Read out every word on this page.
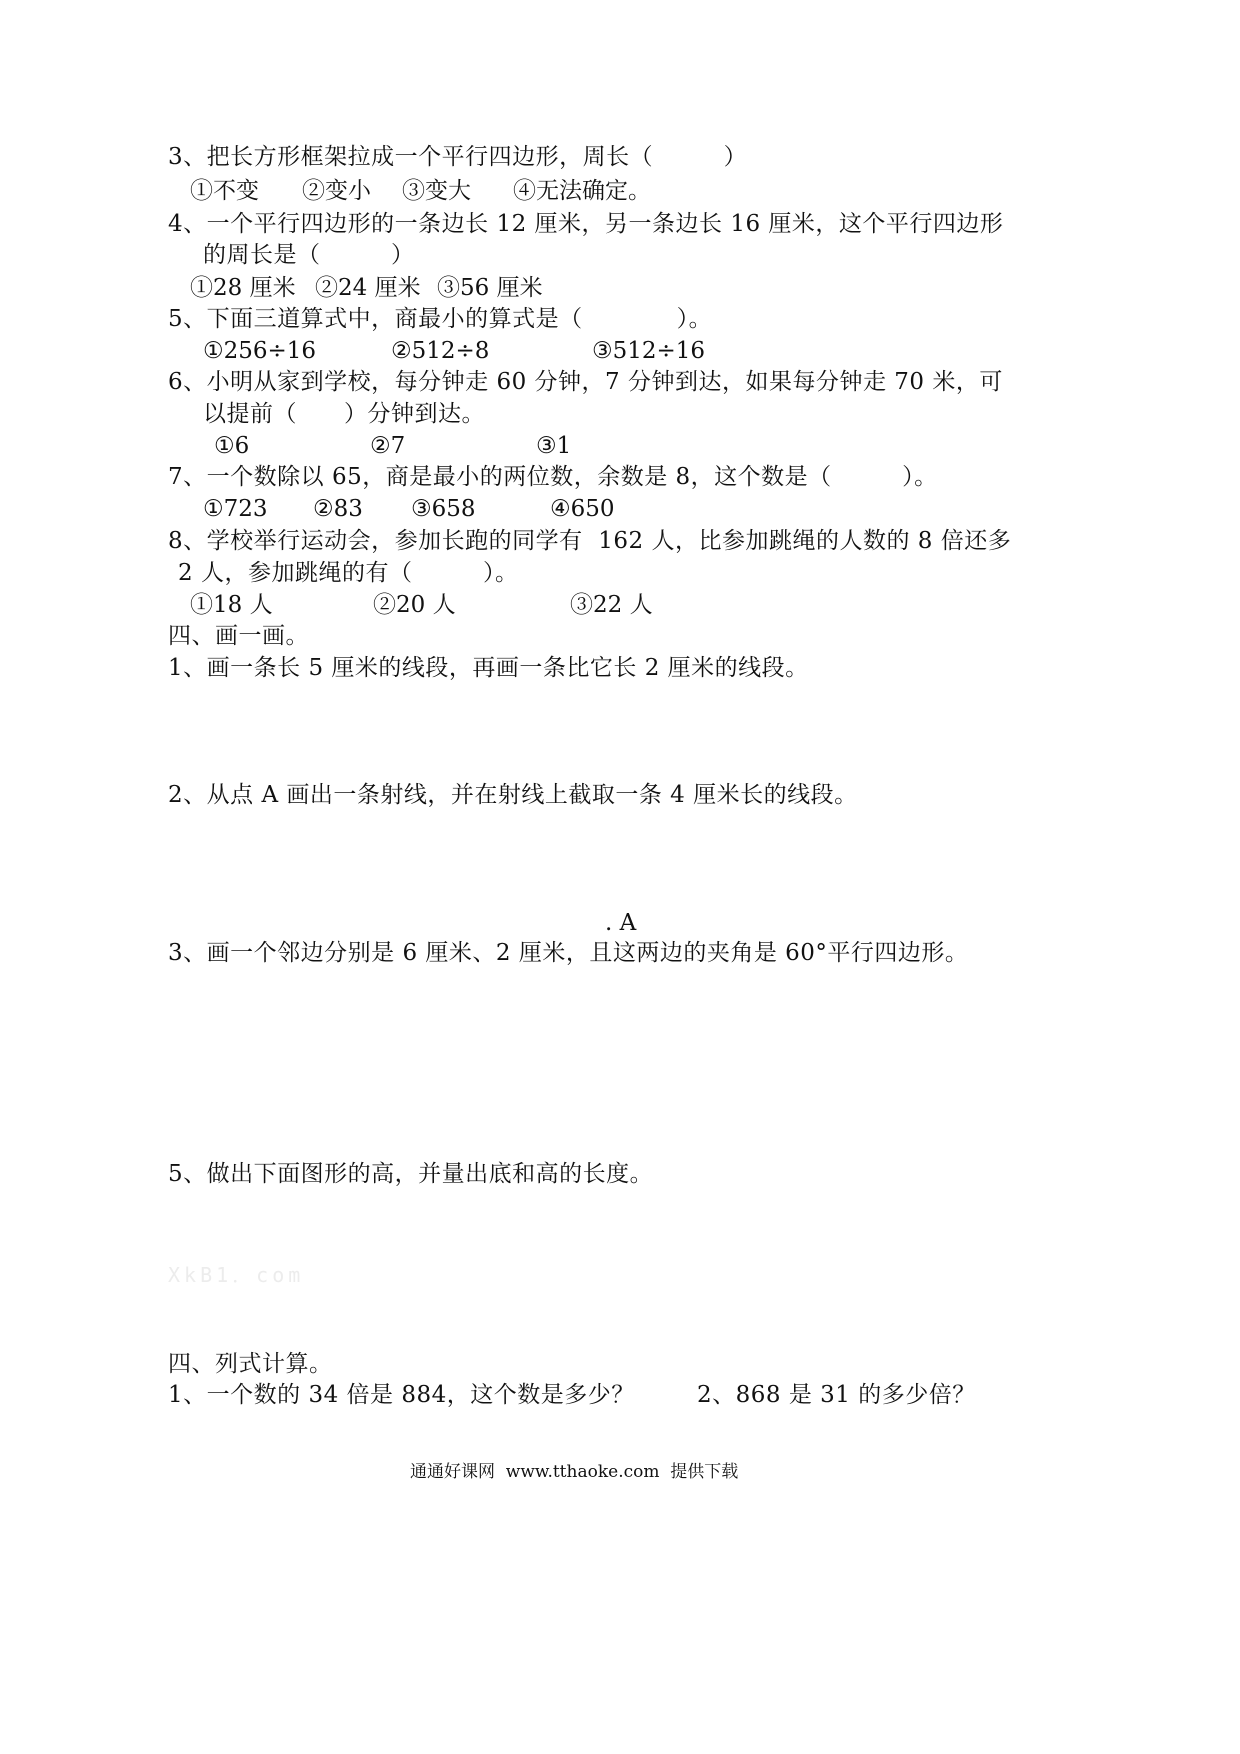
3、把长方形框架拉成一个平行四边形，周长（　　　）
①不变 ②变小 ③变大 ④无法确定。
4、一个平行四边形的一条边长 12 厘米，另一条边长 16 厘米，这个平行四边形
的周长是（　　　）
①28 厘米 ②24 厘米 ③56 厘米
5、下面三道算式中，商最小的算式是（　　　　）。
①256÷16	②512÷8	③512÷16
6、小明从家到学校，每分钟走 60 分钟，7 分钟到达，如果每分钟走 70 米，可
以提前（　　）分钟到达。
①6	②7	③1
7、一个数除以 65，商是最小的两位数，余数是 8，这个数是（　　　）。
①723 ②83 ③658	④650
8、学校举行运动会，参加长跑的同学有  162 人，比参加跳绳的人数的 8 倍还多
2 人，参加跳绳的有（　　　）。
①18 人	②20 人	③22 人
四、画一画。
1、画一条长 5 厘米的线段，再画一条比它长 2 厘米的线段。
2、从点 A 画出一条射线，并在射线上截取一条 4 厘米长的线段。
. A
3、画一个邻边分别是 6 厘米、2 厘米，且这两边的夹角是 60°平行四边形。
5、做出下面图形的高，并量出底和高的长度。
XkB1．com
四、列式计算。
1、一个数的 34 倍是 884，这个数是多少？	2、868 是 31 的多少倍？
通通好课网  www.tthaoke.com  提供下载
